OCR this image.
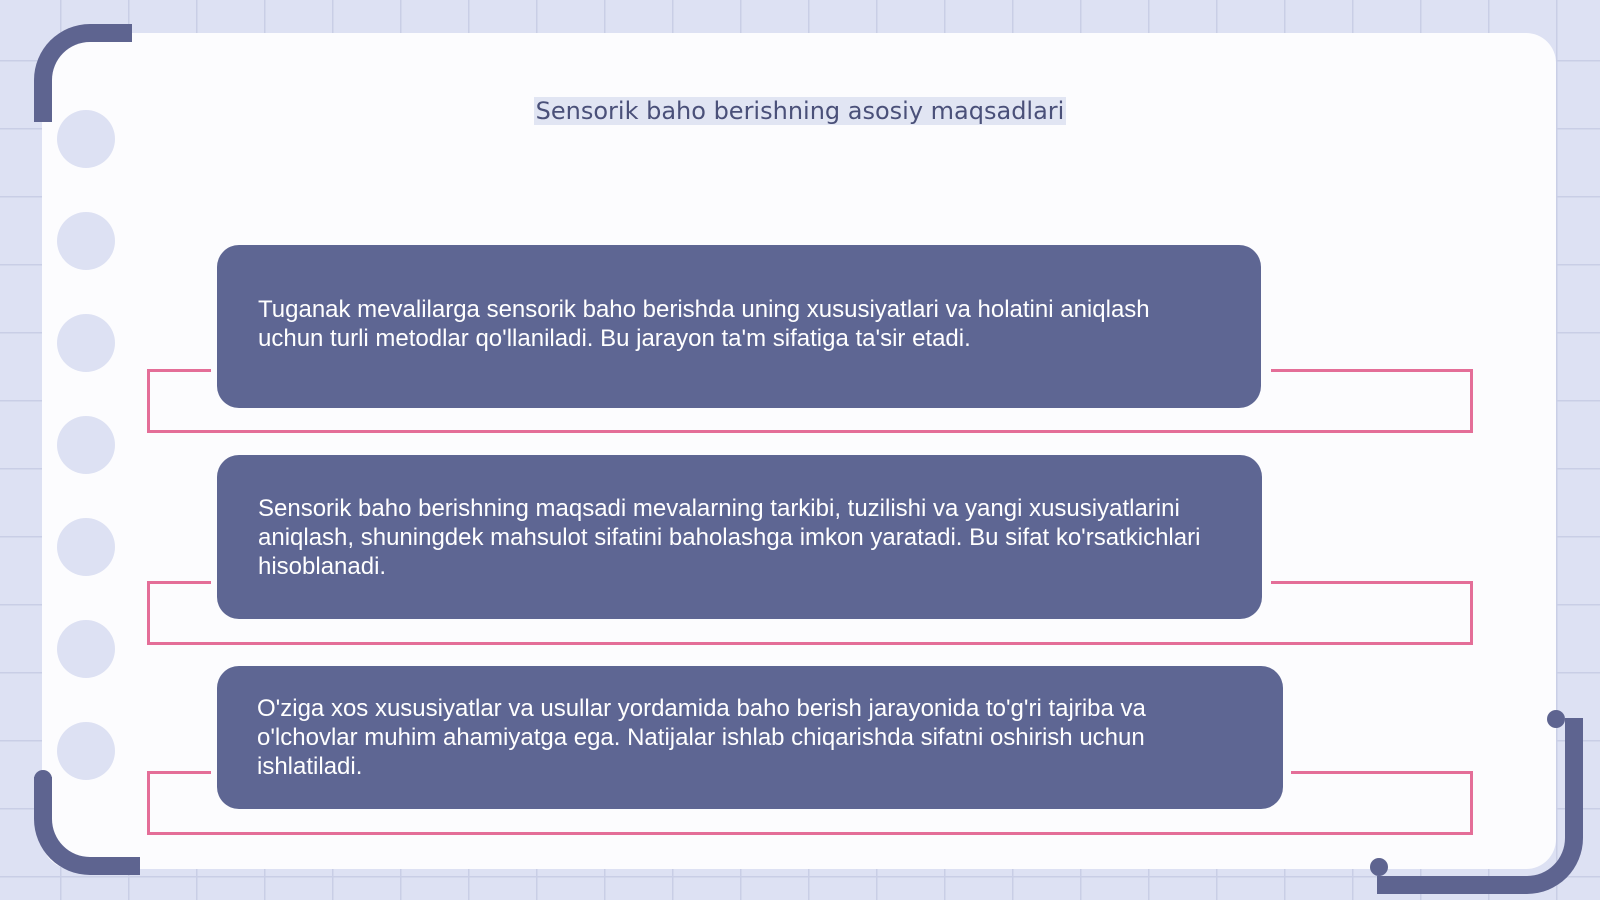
Sensorik baho berishning asosiy maqsadlari
Tuganak mevalilarga sensorik baho berishda uning xususiyatlari va holatini aniqlash uchun turli metodlar qo'llaniladi. Bu jarayon ta'm sifatiga ta'sir etadi.
Sensorik baho berishning maqsadi mevalarning tarkibi, tuzilishi va yangi xususiyatlarini aniqlash, shuningdek mahsulot sifatini baholashga imkon yaratadi. Bu sifat ko'rsatkichlari hisoblanadi.
O'ziga xos xususiyatlar va usullar yordamida baho berish jarayonida to'g'ri tajriba va o'lchovlar muhim ahamiyatga ega. Natijalar ishlab chiqarishda sifatni oshirish uchun ishlatiladi.
